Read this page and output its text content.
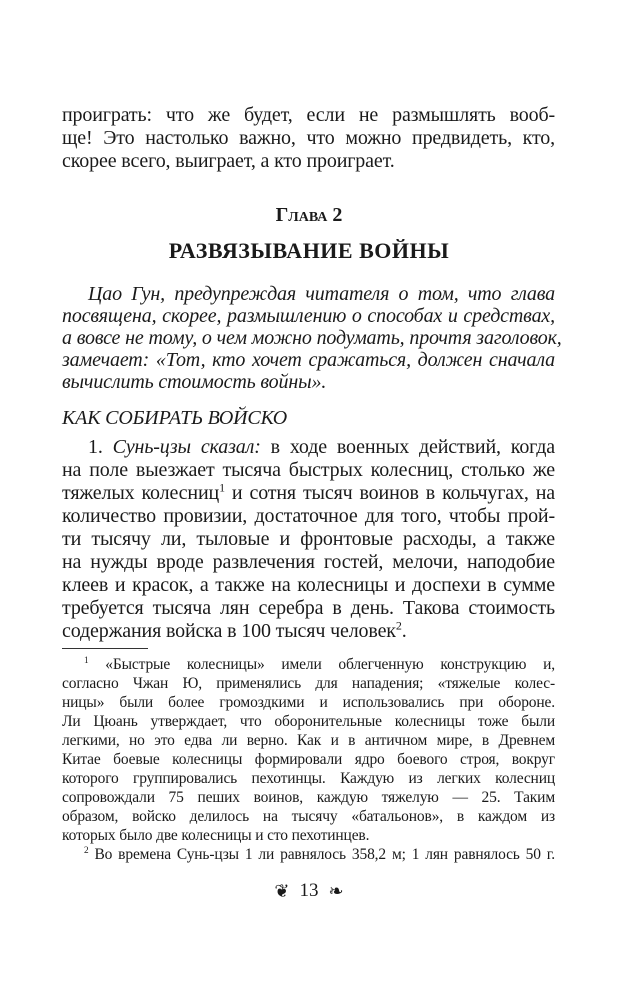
проиграть: что же будет, если не размышлять вооб-
ще! Это настолько важно, что можно предвидеть, кто,
скорее всего, выиграет, а кто проиграет.
Глава 2
РАЗВЯЗЫВАНИЕ ВОЙНЫ
Цао Гун, предупреждая читателя о том, что глава
посвящена, скорее, размышлению о способах и средствах,
а вовсе не тому, о чем можно подумать, прочтя заголовок,
замечает: «Тот, кто хочет сражаться, должен сначала
вычислить стоимость войны».
КАК СОБИРАТЬ ВОЙСКО
1. Сунь-цзы сказал: в ходе военных действий, когда
на поле выезжает тысяча быстрых колесниц, столько же
тяжелых колесниц$^1$ и сотня тысяч воинов в кольчугах, на
количество провизии, достаточное для того, чтобы прой-
ти тысячу ли, тыловые и фронтовые расходы, а также
на нужды вроде развлечения гостей, мелочи, наподобие
клеев и красок, а также на колесницы и доспехи в сумме
требуется тысяча лян серебра в день. Такова стоимость
содержания войска в 100 тысяч человек$^2$.
$^1$ «Быстрые колесницы» имели облегченную конструкцию и,
согласно Чжан Ю, применялись для нападения; «тяжелые колес-
ницы» были более громоздкими и использовались при обороне.
Ли Цюань утверждает, что оборонительные колесницы тоже были
легкими, но это едва ли верно. Как и в античном мире, в Древнем
Китае боевые колесницы формировали ядро боевого строя, вокруг
которого группировались пехотинцы. Каждую из легких колесниц
сопровождали 75 пеших воинов, каждую тяжелую — 25. Таким
образом, войско делилось на тысячу «батальонов», в каждом из
которых было две колесницы и сто пехотинцев.
$^2$ Во времена Сунь-цзы 1 ли равнялось 358,2 м; 1 лян равнялось 50 г.
❦ 13 ❧
